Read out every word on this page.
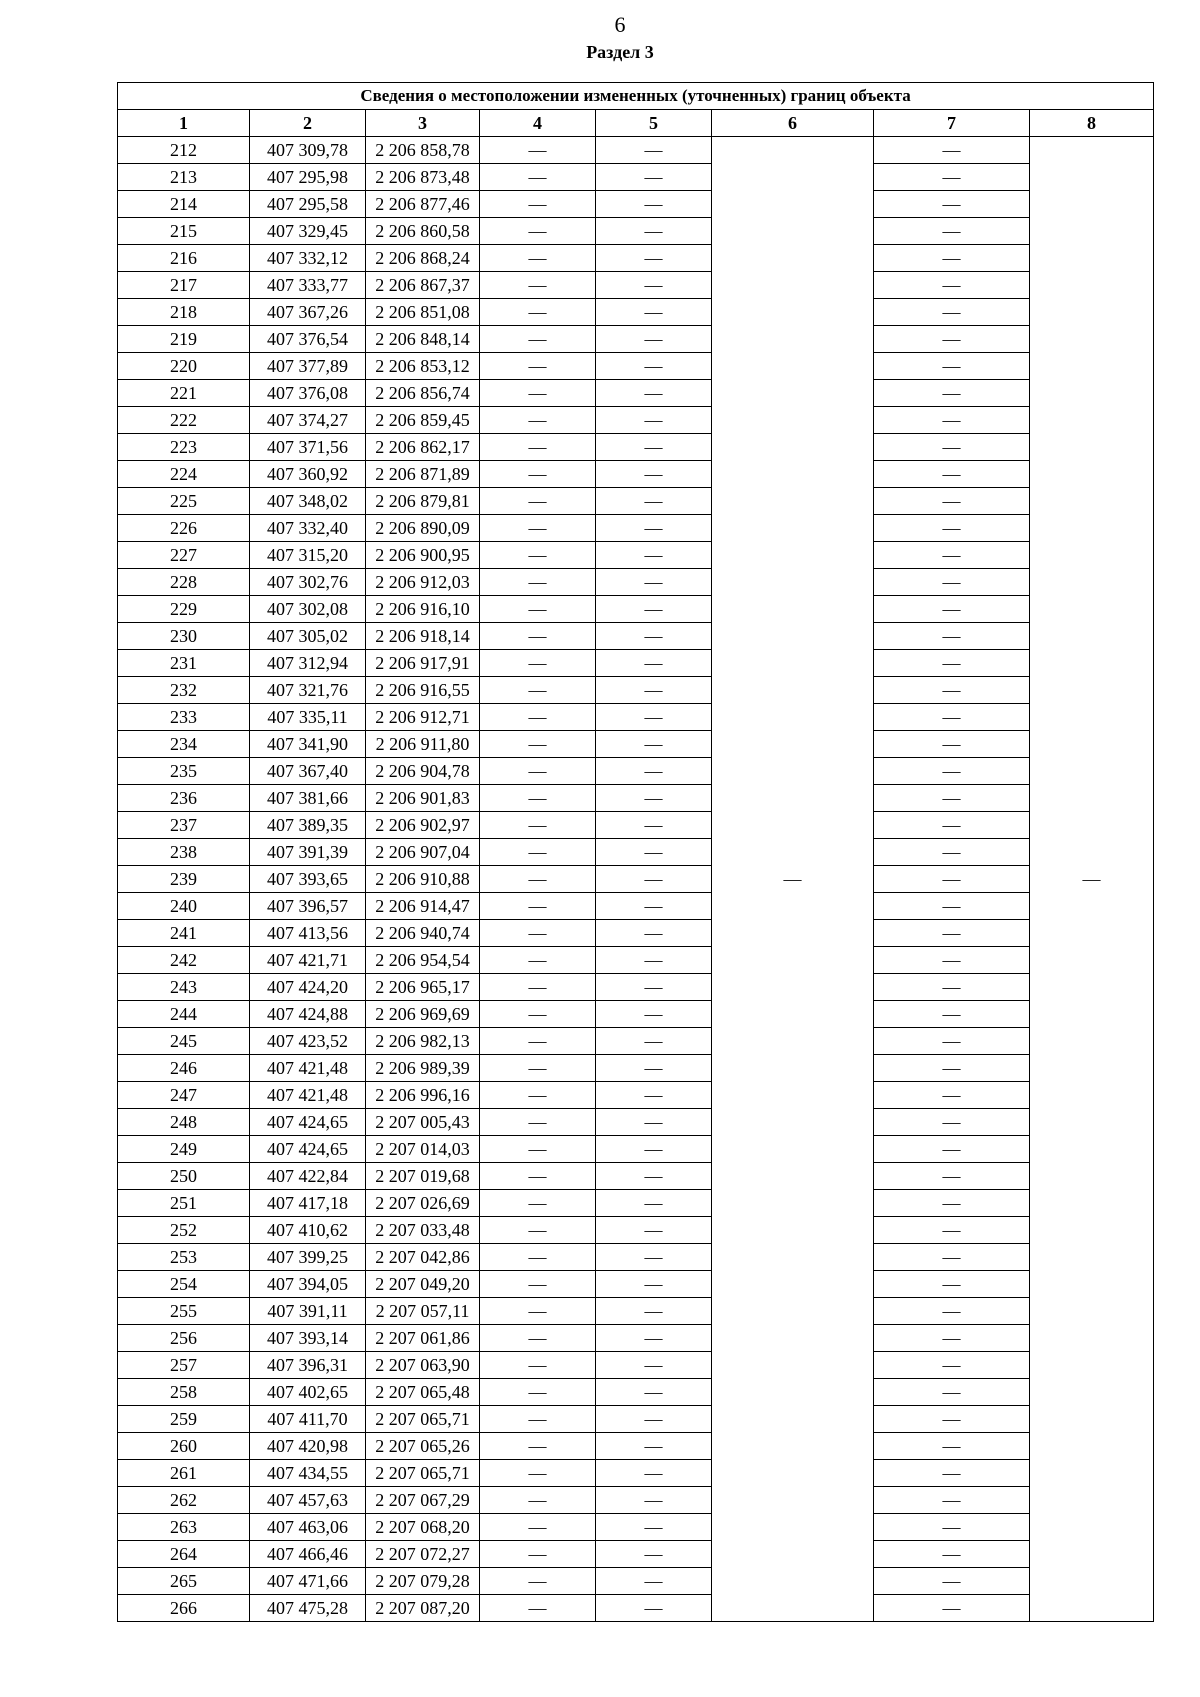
6
Раздел 3
Сведения о местоположении измененных (уточненных) границ объекта							
1	2	3	4	5	6	7	8
212	407 309,78	2 206 858,78	—	—	—	—	—
213	407 295,98	2 206 873,48	—	—		—	
214	407 295,58	2 206 877,46	—	—		—	
215	407 329,45	2 206 860,58	—	—		—	
216	407 332,12	2 206 868,24	—	—		—	
217	407 333,77	2 206 867,37	—	—		—	
218	407 367,26	2 206 851,08	—	—		—	
219	407 376,54	2 206 848,14	—	—		—	
220	407 377,89	2 206 853,12	—	—		—	
221	407 376,08	2 206 856,74	—	—		—	
222	407 374,27	2 206 859,45	—	—		—	
223	407 371,56	2 206 862,17	—	—		—	
224	407 360,92	2 206 871,89	—	—		—	
225	407 348,02	2 206 879,81	—	—		—	
226	407 332,40	2 206 890,09	—	—		—	
227	407 315,20	2 206 900,95	—	—		—	
228	407 302,76	2 206 912,03	—	—		—	
229	407 302,08	2 206 916,10	—	—		—	
230	407 305,02	2 206 918,14	—	—		—	
231	407 312,94	2 206 917,91	—	—		—	
232	407 321,76	2 206 916,55	—	—		—	
233	407 335,11	2 206 912,71	—	—		—	
234	407 341,90	2 206 911,80	—	—		—	
235	407 367,40	2 206 904,78	—	—		—	
236	407 381,66	2 206 901,83	—	—		—	
237	407 389,35	2 206 902,97	—	—		—	
238	407 391,39	2 206 907,04	—	—		—	
239	407 393,65	2 206 910,88	—	—		—	
240	407 396,57	2 206 914,47	—	—		—	
241	407 413,56	2 206 940,74	—	—		—	
242	407 421,71	2 206 954,54	—	—		—	
243	407 424,20	2 206 965,17	—	—		—	
244	407 424,88	2 206 969,69	—	—		—	
245	407 423,52	2 206 982,13	—	—		—	
246	407 421,48	2 206 989,39	—	—		—	
247	407 421,48	2 206 996,16	—	—		—	
248	407 424,65	2 207 005,43	—	—		—	
249	407 424,65	2 207 014,03	—	—		—	
250	407 422,84	2 207 019,68	—	—		—	
251	407 417,18	2 207 026,69	—	—		—	
252	407 410,62	2 207 033,48	—	—		—	
253	407 399,25	2 207 042,86	—	—		—	
254	407 394,05	2 207 049,20	—	—		—	
255	407 391,11	2 207 057,11	—	—		—	
256	407 393,14	2 207 061,86	—	—		—	
257	407 396,31	2 207 063,90	—	—		—	
258	407 402,65	2 207 065,48	—	—		—	
259	407 411,70	2 207 065,71	—	—		—	
260	407 420,98	2 207 065,26	—	—		—	
261	407 434,55	2 207 065,71	—	—		—	
262	407 457,63	2 207 067,29	—	—		—	
263	407 463,06	2 207 068,20	—	—		—	
264	407 466,46	2 207 072,27	—	—		—	
265	407 471,66	2 207 079,28	—	—		—	
266	407 475,28	2 207 087,20	—	—		—	
